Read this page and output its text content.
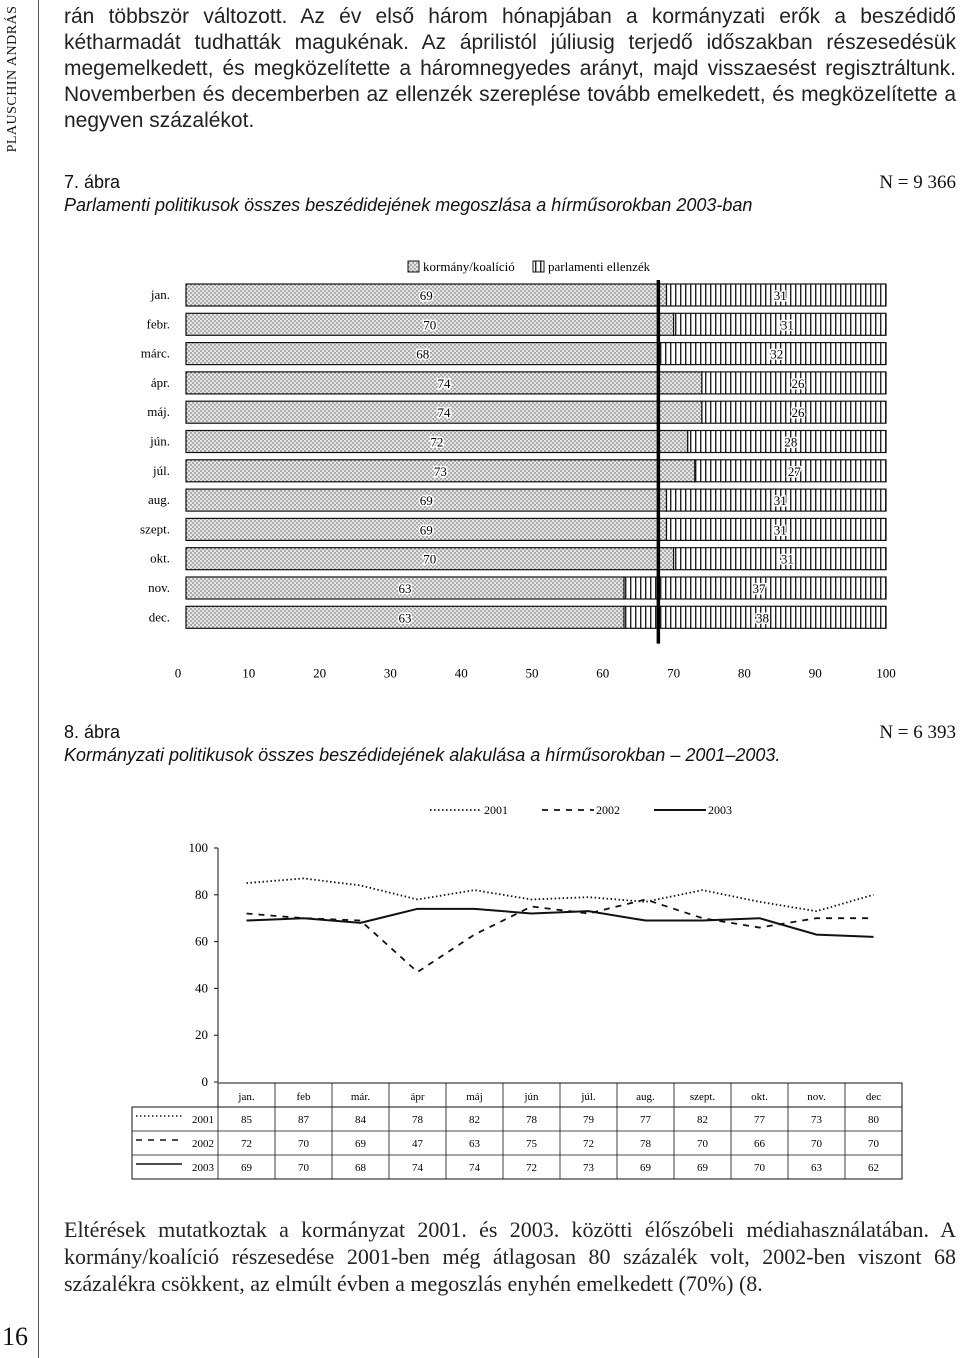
PLAUSCHIN ANDRÁS
16

rán többször változott. Az év első három hónapjában a kormányzati erők a beszédidő kétharmadát tudhatták magukénak. Az áprilistól júliusig terjedő időszakban részesedésük megemelkedett, és megközelítette a háromnegyedes arányt, majd visszaesést regisztráltunk. Novemberben és decemberben az ellenzék szereplése tovább emelkedett, és megközelítette a negyven százalékot.

7. ábra	N = 9 366
Parlamenti politikusok összes beszédidejének megoszlása a hírműsorokban 2003-ban
kormány/koalíció	parlamenti ellenzék
jan.	69	31
febr.	70	31
márc.	68	32
ápr.	74	26
máj.	74	26
jún.	72	28
júl.	73	27
aug.	69	31
szept.	69	31
okt.	70	31
nov.	63	37
dec.	63	38
0	10	20	30	40	50	60	70	80	90	100
8. ábra	N = 6 393
Kormányzati politikusok összes beszédidejének alakulása a hírműsorokban – 2001–2003.
2001	2002	2003
0
20
40
60
80
100
jan.	feb	már.	ápr	máj	jún	júl.	aug.	szept.	okt.	nov.	dec
2001 85	87	84	78	82	78	79	77	82	77	73	80
2002 72	70	69	47	63	75	72	78	70	66	70	70
2003 69	70	68	74	74	72	73	69	69	70	63	62

Eltérések mutatkoztak a kormányzat 2001. és 2003. közötti élőszóbeli médiahasználatában. A kormány/koalíció részesedése 2001-ben még átlagosan 80 százalék volt, 2002-ben viszont 68 százalékra csökkent, az elmúlt évben a megoszlás enyhén emelkedett (70%) (8.
